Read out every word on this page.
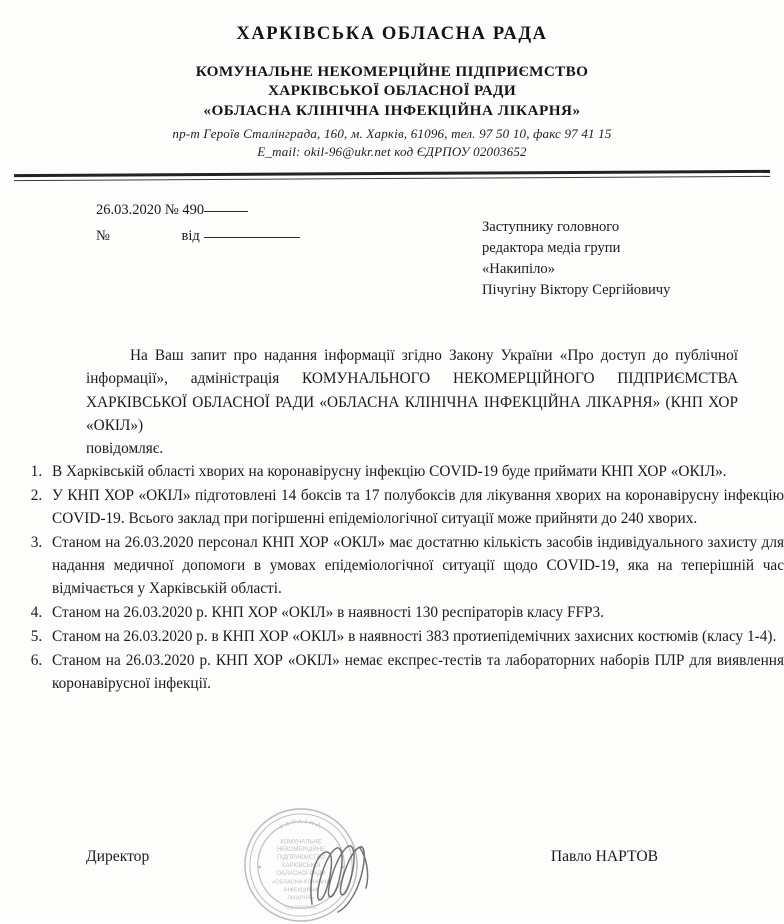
ХАРКІВСЬКА ОБЛАСНА РАДА
КОМУНАЛЬНЕ НЕКОМЕРЦІЙНЕ ПІДПРИЄМСТВО
ХАРКІВСЬКОЇ ОБЛАСНОЇ РАДИ
«ОБЛАСНА КЛІНІЧНА ІНФЕКЦІЙНА ЛІКАРНЯ»
пр-т Героїв Сталінграда, 160, м. Харків, 61096, тел. 97 50 10, факс 97 41 15
E_mail: okil-96@ukr.net код ЄДРПОУ 02003652
26.03.2020 № 490
№	від
Заступнику головного
редактора медіа групи
«Накипіло»
Пічугіну Віктору Сергійовичу
На Ваш запит про надання інформації згідно Закону України «Про доступ до публічної інформації», адміністрація КОМУНАЛЬНОГО НЕКОМЕРЦІЙНОГО ПІДПРИЄМСТВА ХАРКІВСЬКОЇ ОБЛАСНОЇ РАДИ «ОБЛАСНА КЛІНІЧНА ІНФЕКЦІЙНА ЛІКАРНЯ» (КНП ХОР «ОКІЛ»)
повідомляє.
1. В Харківській області хворих на коронавірусну інфекцію COVID-19 буде приймати КНП ХОР «ОКІЛ».
2. У КНП ХОР «ОКІЛ» підготовлені 14 боксів та 17 полубоксів для лікування хворих на коронавірусну інфекцію COVID-19. Всього заклад при погіршенні епідеміологічної ситуації може прийняти до 240 хворих.
3. Станом на 26.03.2020 персонал КНП ХОР «ОКІЛ» має достатню кількість засобів індивідуального захисту для надання медичної допомоги в умовах епідеміологічної ситуації щодо COVID-19, яка на теперішній час відмічається у Харківській області.
4. Станом на 26.03.2020 р. КНП ХОР «ОКІЛ» в наявності 130 респіраторів класу FFP3.
5. Станом на 26.03.2020 р. в КНП ХОР «ОКІЛ» в наявності 383 протиепідемічних захисних костюмів (класу 1-4).
6. Станом на 26.03.2020 р. КНП ХОР «ОКІЛ» немає експрес-тестів та лабораторних наборів ПЛР для виявлення коронавірусної інфекції.
Директор	Павло НАРТОВ
УКРАЇНА
КОМУНАЛЬНЕ
НЕКОМЕРЦІЙНЕ
ПІДПРИЄМСТВО
ХАРКІВСЬКОЇ
ОБЛАСНОЇ РАДИ
«ОБЛАСНА КЛІНІЧНА
ІНФЕКЦІЙНА
ЛІКАРНЯ»
код 02003652
